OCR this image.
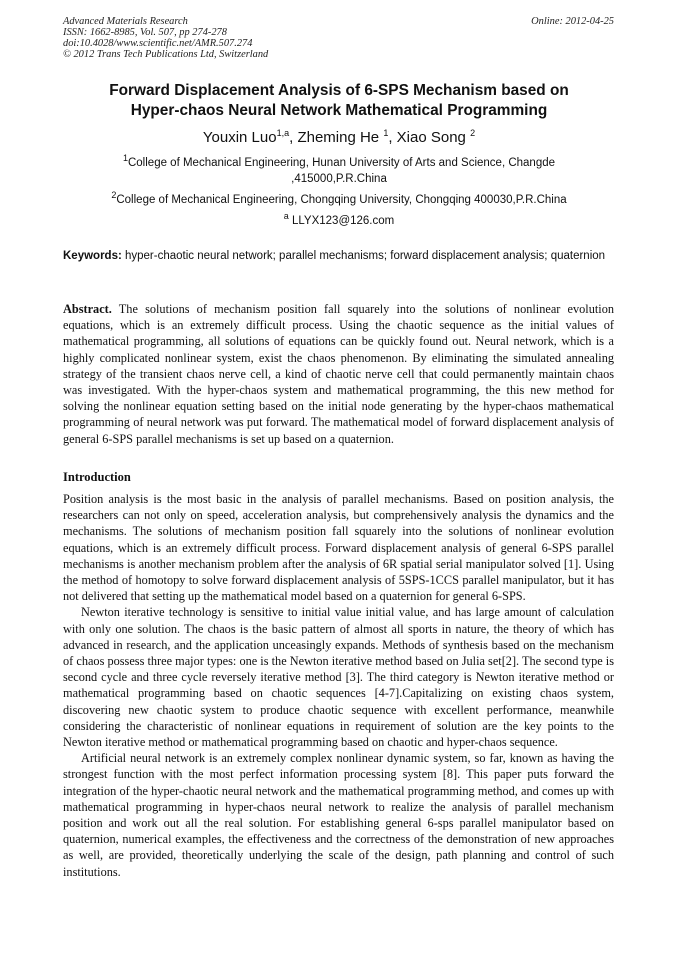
Advanced Materials Research
ISSN: 1662-8985, Vol. 507, pp 274-278
doi:10.4028/www.scientific.net/AMR.507.274
© 2012 Trans Tech Publications Ltd, Switzerland
Online: 2012-04-25
Forward Displacement Analysis of 6-SPS Mechanism based on
Hyper-chaos Neural Network Mathematical Programming
Youxin Luo$^{1,a}$, Zheming He $^1$, Xiao Song $^2$
$^1$College of Mechanical Engineering, Hunan University of Arts and Science, Changde
,415000,P.R.China
$^2$College of Mechanical Engineering, Chongqing University, Chongqing 400030,P.R.China
$^a$ LLYX123@126.com
Keywords: hyper-chaotic neural network; parallel mechanisms; forward displacement analysis; quaternion
Abstract. The solutions of mechanism position fall squarely into the solutions of nonlinear evolution equations, which is an extremely difficult process. Using the chaotic sequence as the initial values of mathematical programming, all solutions of equations can be quickly found out. Neural network, which is a highly complicated nonlinear system, exist the chaos phenomenon. By eliminating the simulated annealing strategy of the transient chaos nerve cell, a kind of chaotic nerve cell that could permanently maintain chaos was investigated. With the hyper-chaos system and mathematical programming, the this new method for solving the nonlinear equation setting based on the initial node generating by the hyper-chaos mathematical programming of neural network was put forward. The mathematical model of forward displacement analysis of general 6-SPS parallel mechanisms is set up based on a quaternion.
Introduction

Position analysis is the most basic in the analysis of parallel mechanisms. Based on position analysis, the researchers can not only on speed, acceleration analysis, but comprehensively analysis the dynamics and the mechanisms. The solutions of mechanism position fall squarely into the solutions of nonlinear evolution equations, which is an extremely difficult process. Forward displacement analysis of general 6-SPS parallel mechanisms is another mechanism problem after the analysis of 6R spatial serial manipulator solved [1]. Using the method of homotopy to solve forward displacement analysis of 5SPS-1CCS parallel manipulator, but it has not delivered that setting up the mathematical model based on a quaternion for general 6-SPS.

Newton iterative technology is sensitive to initial value initial value, and has large amount of calculation with only one solution. The chaos is the basic pattern of almost all sports in nature, the theory of which has advanced in research, and the application unceasingly expands. Methods of synthesis based on the mechanism of chaos possess three major types: one is the Newton iterative method based on Julia set[2]. The second type is second cycle and three cycle reversely iterative method [3]. The third category is Newton iterative method or mathematical programming based on chaotic sequences [4-7].Capitalizing on existing chaos system, discovering new chaotic system to produce chaotic sequence with excellent performance, meanwhile considering the characteristic of nonlinear equations in requirement of solution are the key points to the Newton iterative method or mathematical programming based on chaotic and hyper-chaos sequence.

Artificial neural network is an extremely complex nonlinear dynamic system, so far, known as having the strongest function with the most perfect information processing system [8]. This paper puts forward the integration of the hyper-chaotic neural network and the mathematical programming method, and comes up with mathematical programming in hyper-chaos neural network to realize the analysis of parallel mechanism position and work out all the real solution. For establishing general 6-sps parallel manipulator based on quaternion, numerical examples, the effectiveness and the correctness of the demonstration of new approaches as well, are provided, theoretically underlying the scale of the design, path planning and control of such institutions.
